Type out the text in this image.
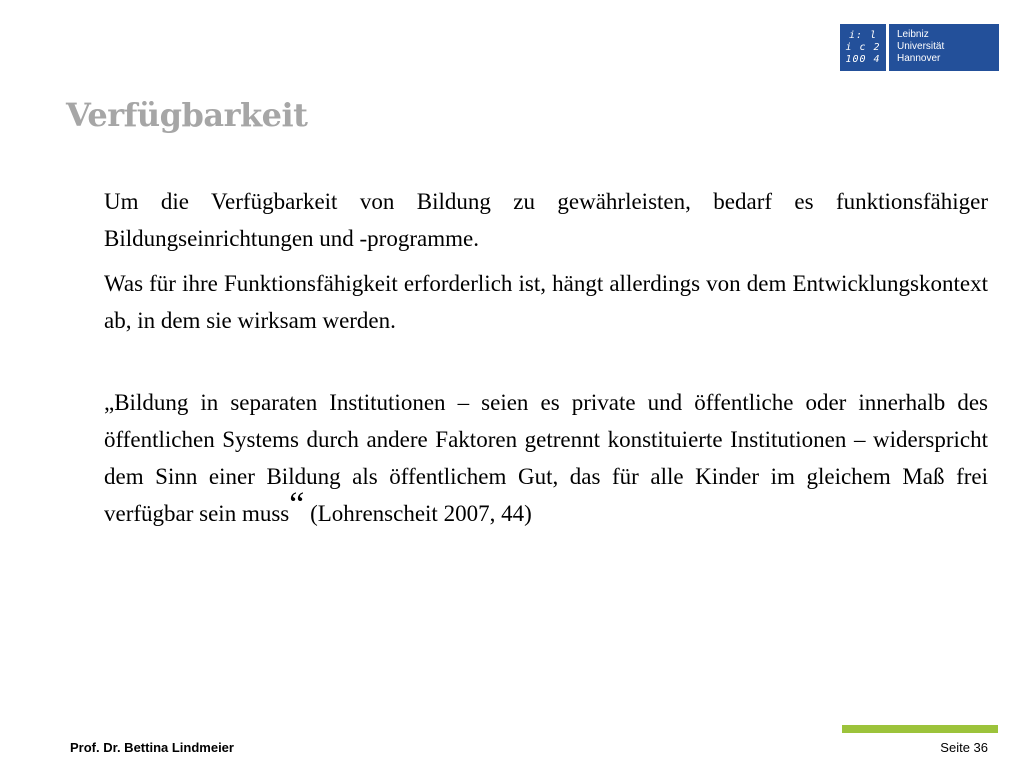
i: l
i c 2
100 4
Leibniz
Universität
Hannover
Verfügbarkeit

Um die Verfügbarkeit von Bildung zu gewährleisten, bedarf es funktionsfähiger Bildungseinrichtungen und -programme.

Was für ihre Funktionsfähigkeit erforderlich ist, hängt allerdings von dem Entwicklungskontext ab, in dem sie wirksam werden.

„Bildung in separaten Institutionen – seien es private und öffentliche oder innerhalb des öffentlichen Systems durch andere Faktoren getrennt konstituierte Institutionen – widerspricht dem Sinn einer Bildung als öffentlichem Gut, das für alle Kinder im gleichem Maß frei verfügbar sein muss“ (Lohrenscheit 2007, 44)

Prof. Dr. Bettina Lindmeier	Seite 36
